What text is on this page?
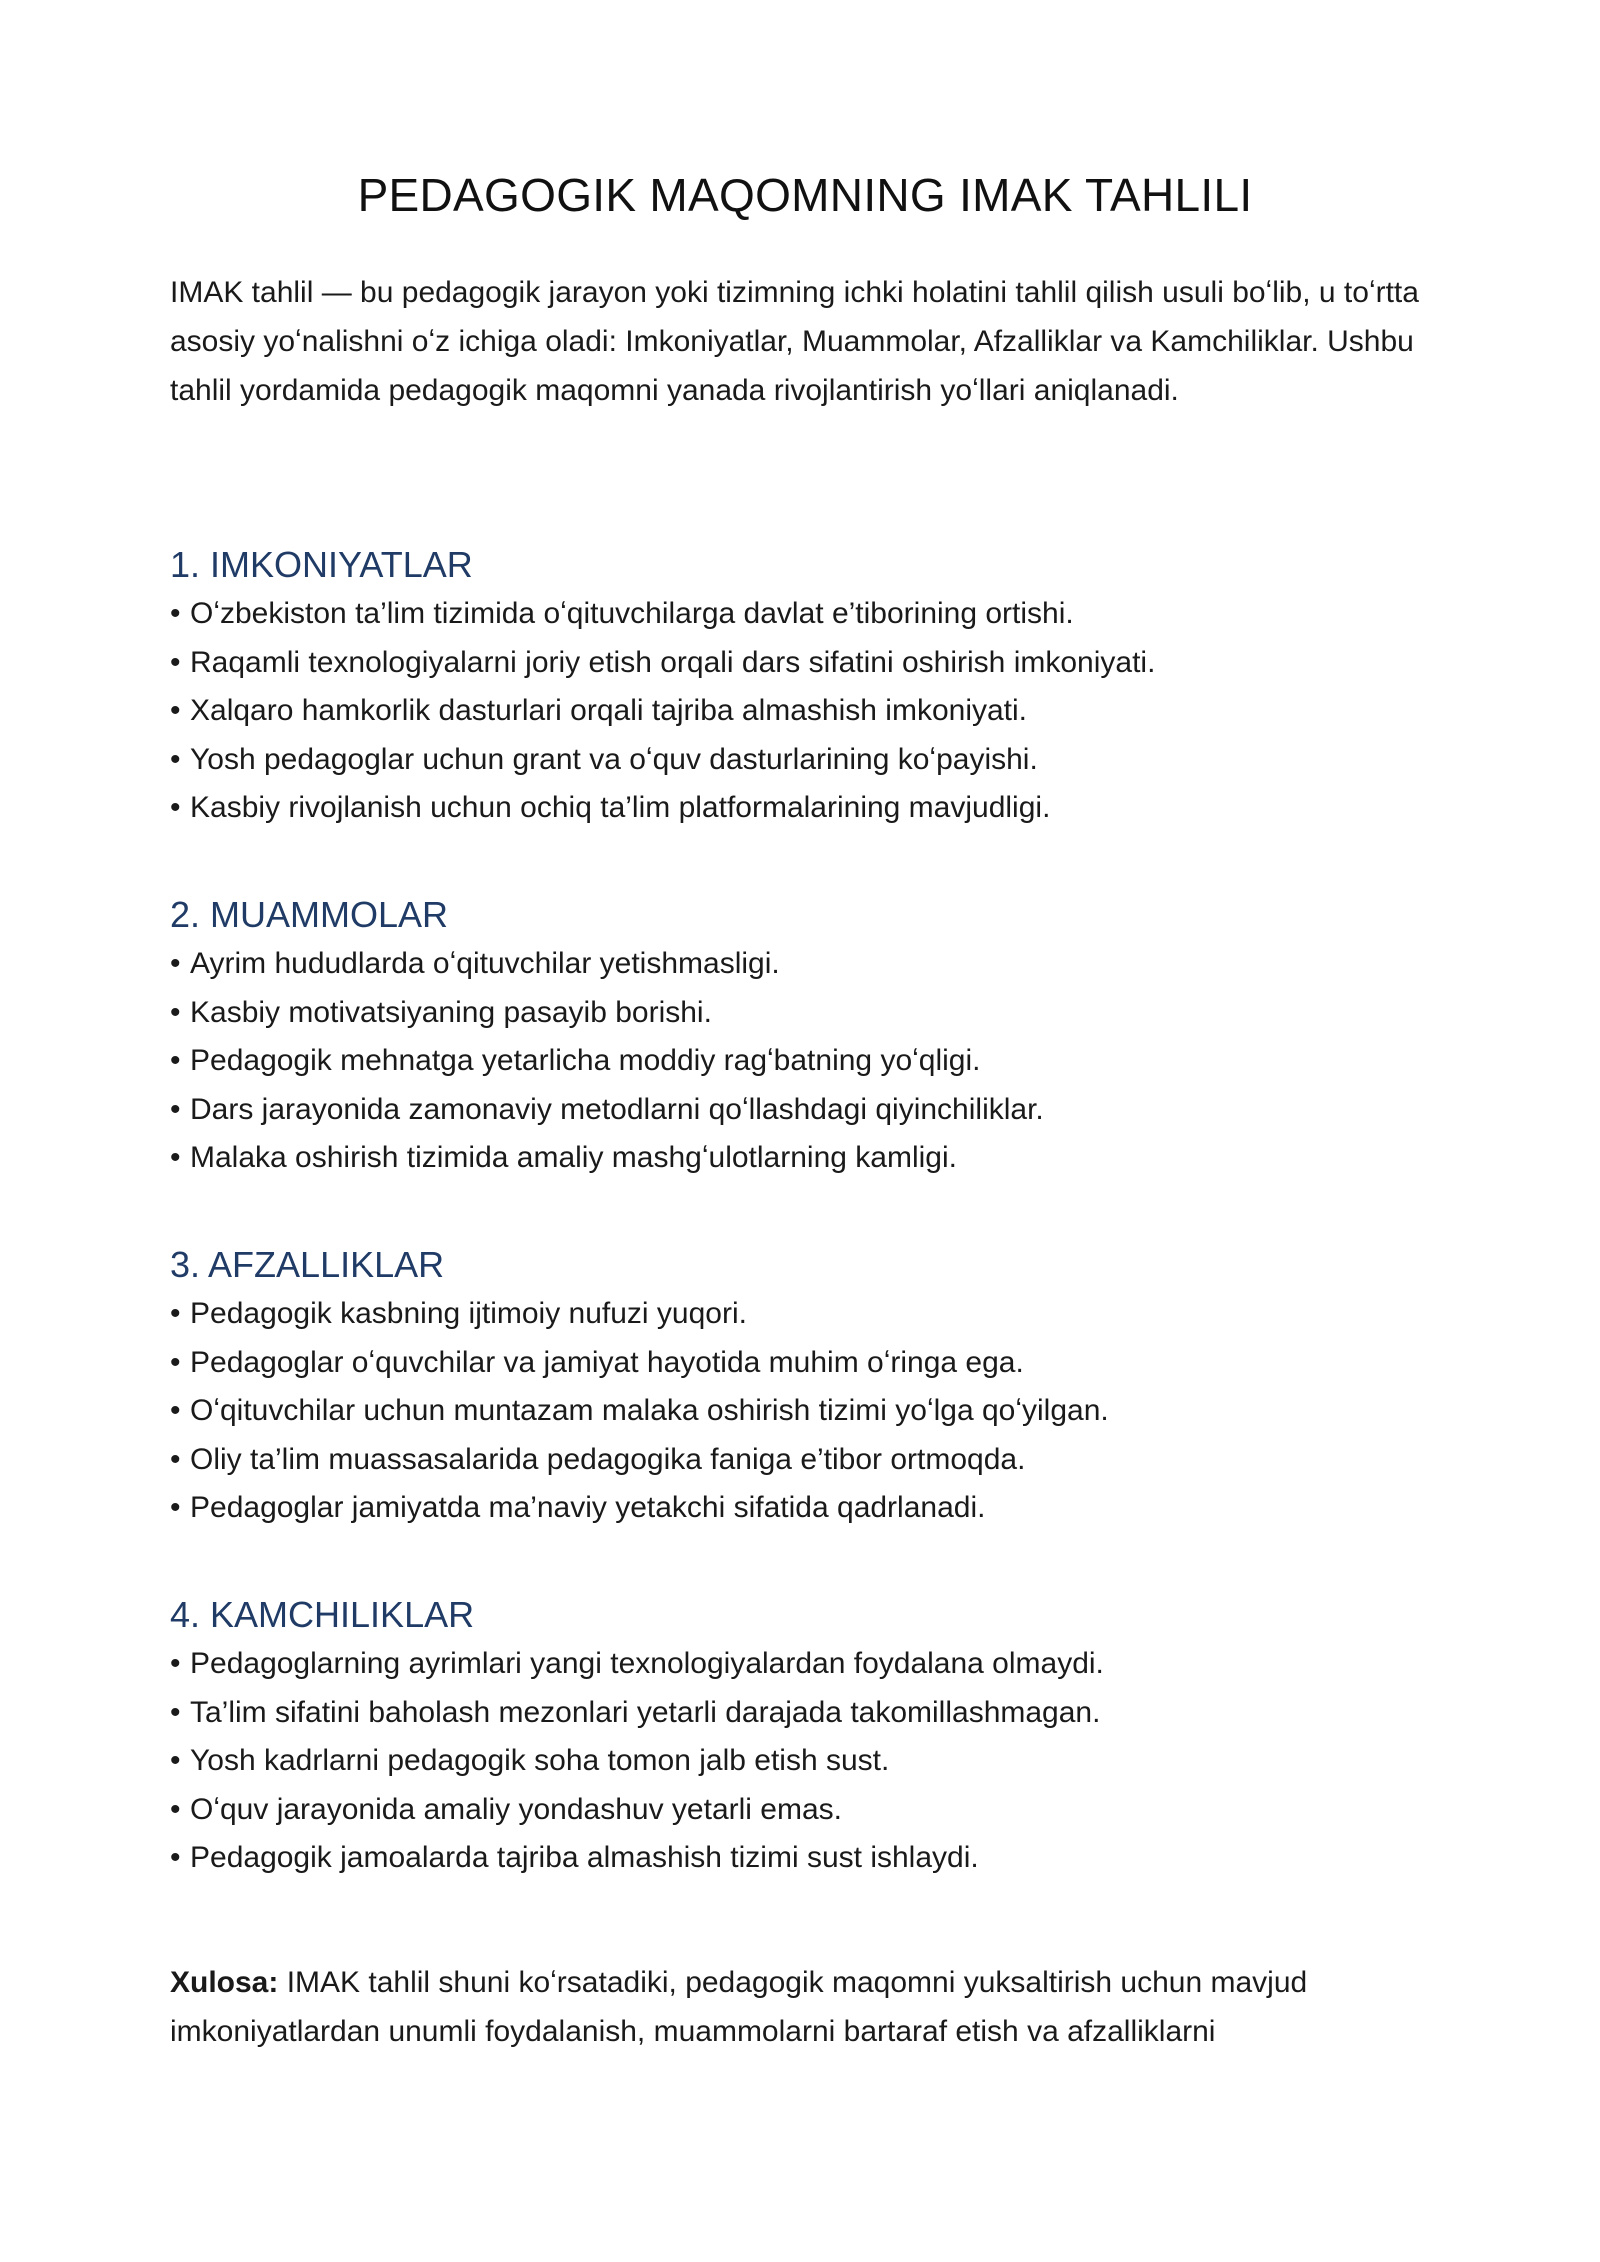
PEDAGOGIK MAQOMNING IMAK TAHLILI

IMAK tahlil — bu pedagogik jarayon yoki tizimning ichki holatini tahlil qilish usuli boʻlib, u toʻrtta asosiy yoʻnalishni oʻz ichiga oladi: Imkoniyatlar, Muammolar, Afzalliklar va Kamchiliklar. Ushbu tahlil yordamida pedagogik maqomni yanada rivojlantirish yoʻllari aniqlanadi.

1. IMKONIYATLAR
• Oʻzbekiston ta’lim tizimida oʻqituvchilarga davlat e’tiborining ortishi.
• Raqamli texnologiyalarni joriy etish orqali dars sifatini oshirish imkoniyati.
• Xalqaro hamkorlik dasturlari orqali tajriba almashish imkoniyati.
• Yosh pedagoglar uchun grant va oʻquv dasturlarining koʻpayishi.
• Kasbiy rivojlanish uchun ochiq ta’lim platformalarining mavjudligi.
2. MUAMMOLAR
• Ayrim hududlarda oʻqituvchilar yetishmasligi.
• Kasbiy motivatsiyaning pasayib borishi.
• Pedagogik mehnatga yetarlicha moddiy ragʻbatning yoʻqligi.
• Dars jarayonida zamonaviy metodlarni qoʻllashdagi qiyinchiliklar.
• Malaka oshirish tizimida amaliy mashgʻulotlarning kamligi.
3. AFZALLIKLAR
• Pedagogik kasbning ijtimoiy nufuzi yuqori.
• Pedagoglar oʻquvchilar va jamiyat hayotida muhim oʻringa ega.
• Oʻqituvchilar uchun muntazam malaka oshirish tizimi yoʻlga qoʻyilgan.
• Oliy ta’lim muassasalarida pedagogika faniga e’tibor ortmoqda.
• Pedagoglar jamiyatda ma’naviy yetakchi sifatida qadrlanadi.
4. KAMCHILIKLAR
• Pedagoglarning ayrimlari yangi texnologiyalardan foydalana olmaydi.
• Ta’lim sifatini baholash mezonlari yetarli darajada takomillashmagan.
• Yosh kadrlarni pedagogik soha tomon jalb etish sust.
• Oʻquv jarayonida amaliy yondashuv yetarli emas.
• Pedagogik jamoalarda tajriba almashish tizimi sust ishlaydi.

Xulosa: IMAK tahlil shuni koʻrsatadiki, pedagogik maqomni yuksaltirish uchun mavjud imkoniyatlardan unumli foydalanish, muammolarni bartaraf etish va afzalliklarni
